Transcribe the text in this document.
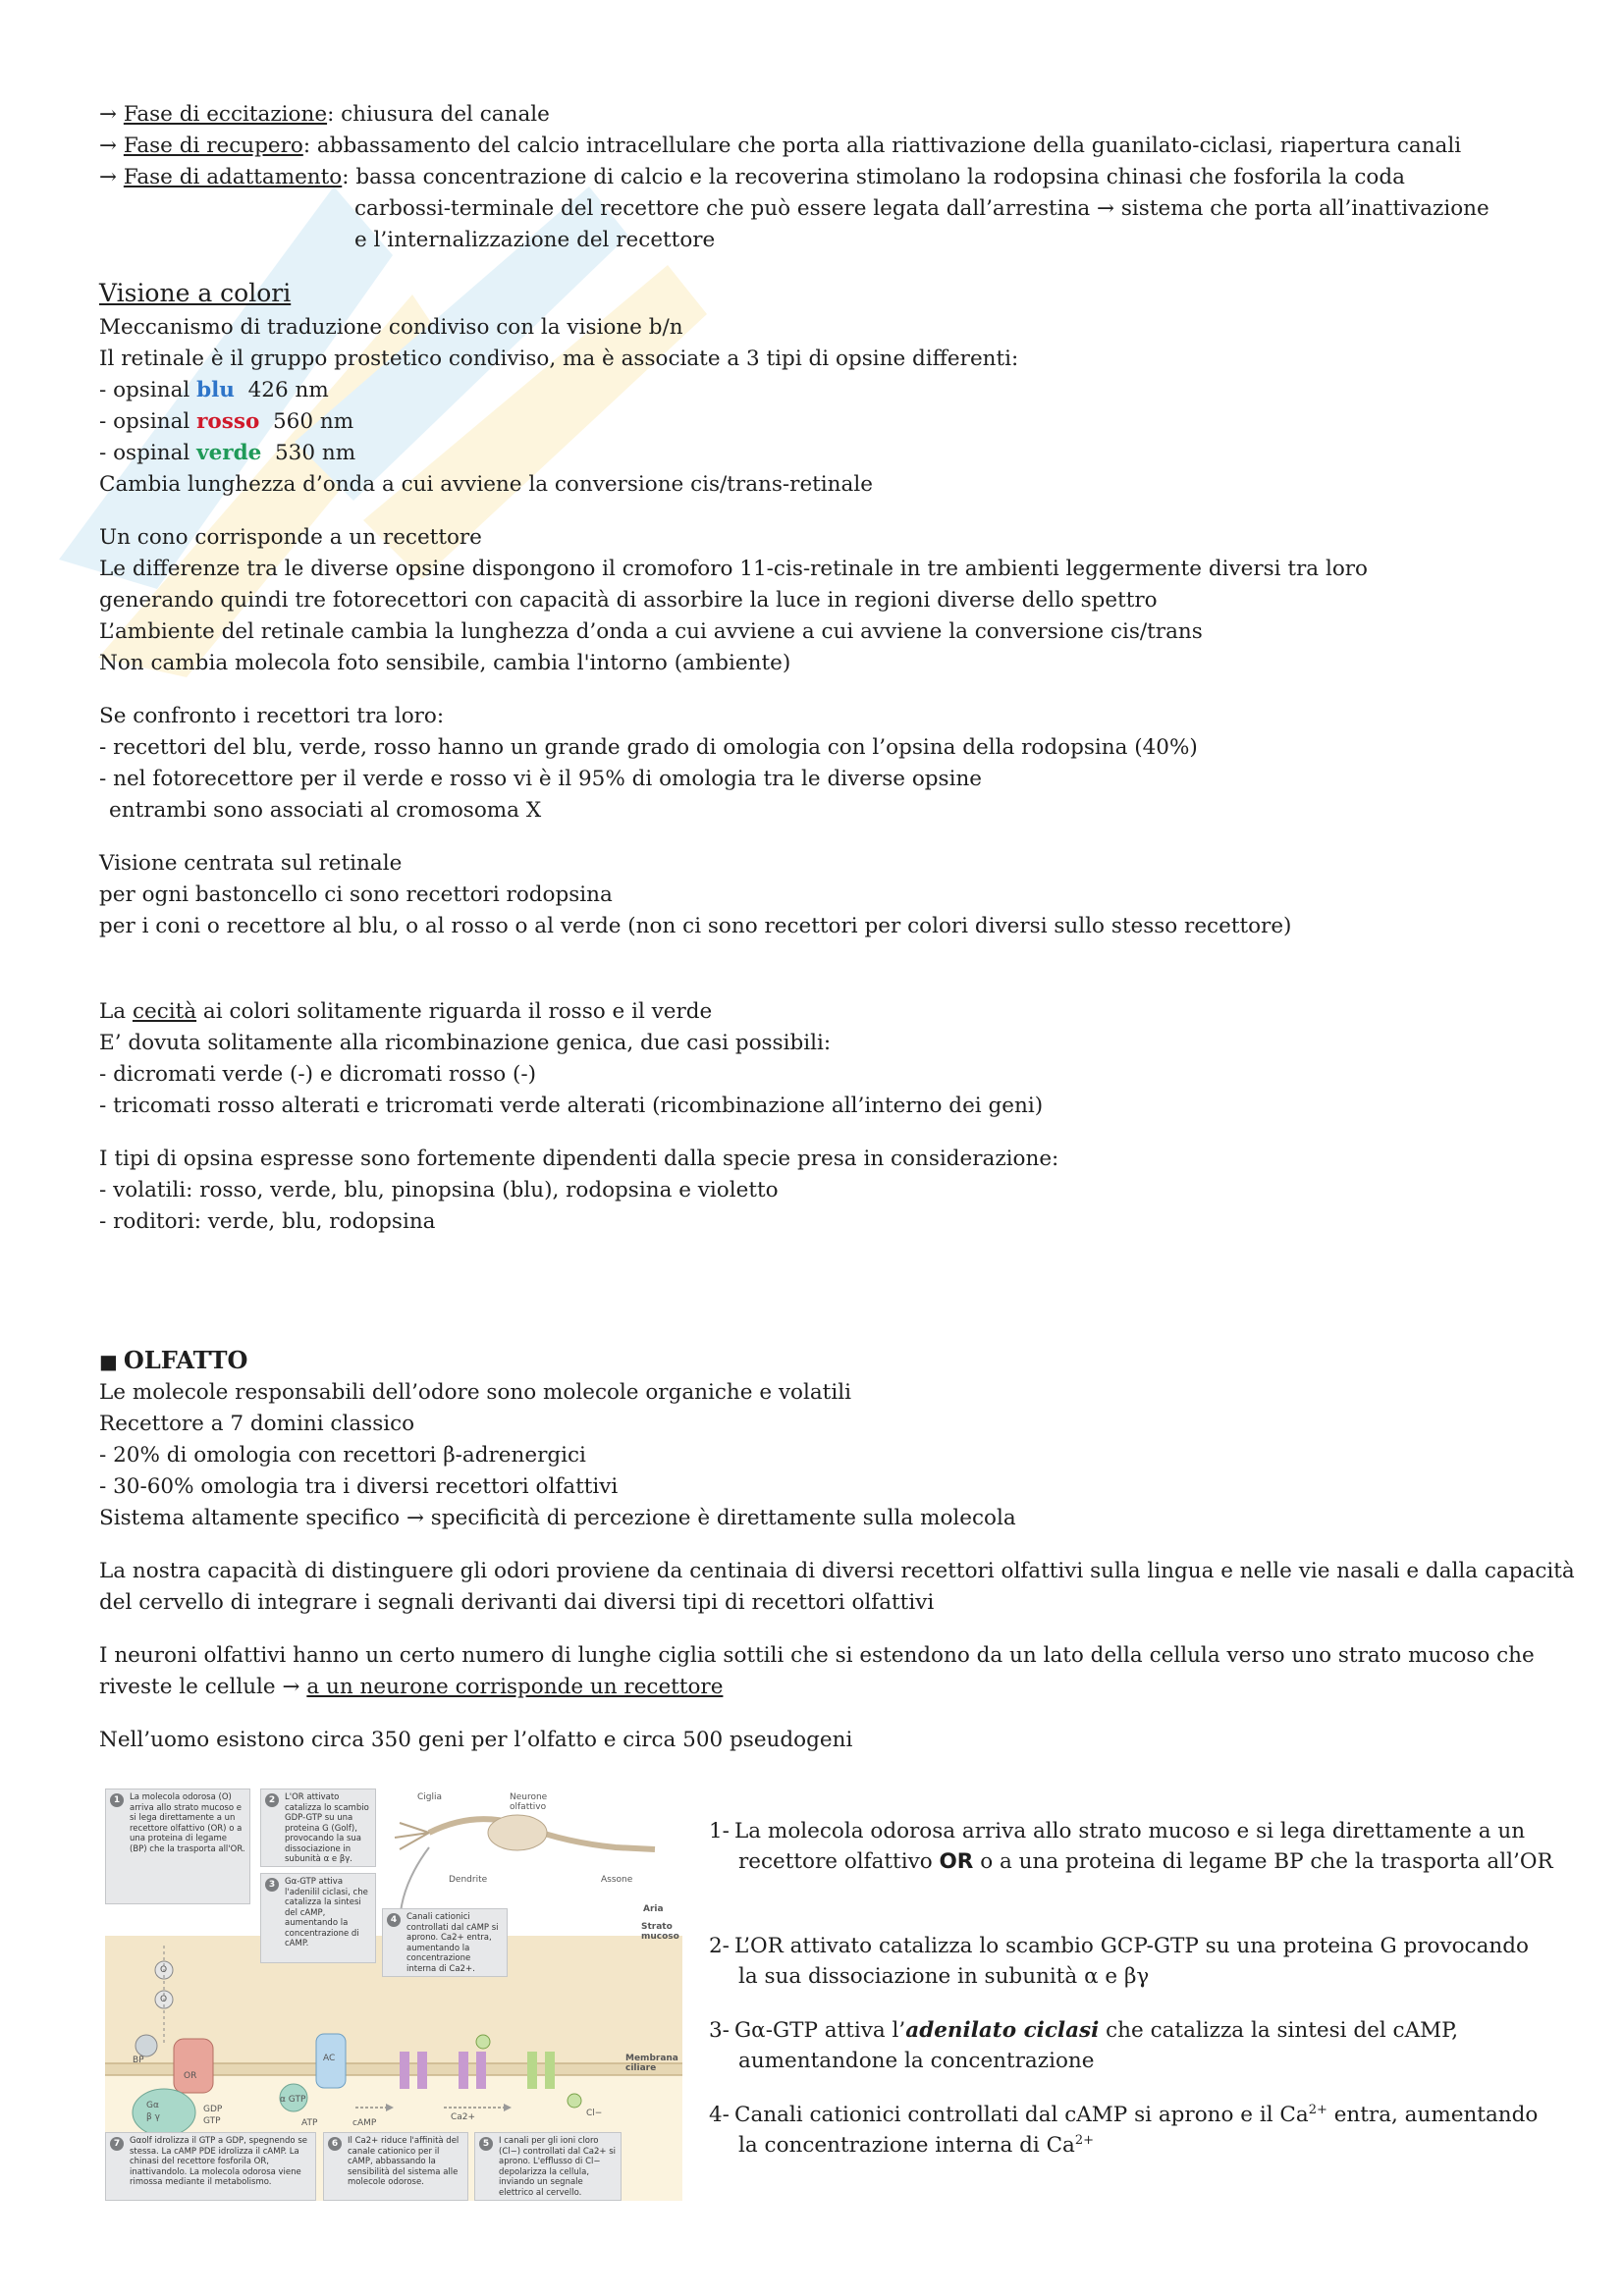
→ Fase di eccitazione: chiusura del canale
→ Fase di recupero: abbassamento del calcio intracellulare che porta alla riattivazione della guanilato-ciclasi, riapertura canali
→ Fase di adattamento: bassa concentrazione di calcio e la recoverina stimolano la rodopsina chinasi che fosforila la coda
carbossi-terminale del recettore che può essere legata dall’arrestina → sistema che porta all’inattivazione
e l’internalizzazione del recettore
Visione a colori
Meccanismo di traduzione condiviso con la visione b/n
Il retinale è il gruppo prostetico condiviso, ma è associate a 3 tipi di opsine differenti:
- opsinal blu  426 nm
- opsinal rosso  560 nm
- ospinal verde  530 nm
Cambia lunghezza d’onda a cui avviene la conversione cis/trans-retinale
Un cono corrisponde a un recettore
Le differenze tra le diverse opsine dispongono il cromoforo 11-cis-retinale in tre ambienti leggermente diversi tra loro
generando quindi tre fotorecettori con capacità di assorbire la luce in regioni diverse dello spettro
L’ambiente del retinale cambia la lunghezza d’onda a cui avviene a cui avviene la conversione cis/trans
Non cambia molecola foto sensibile, cambia l'intorno (ambiente)
Se confronto i recettori tra loro:
- recettori del blu, verde, rosso hanno un grande grado di omologia con l’opsina della rodopsina (40%)
- nel fotorecettore per il verde e rosso vi è il 95% di omologia tra le diverse opsine
entrambi sono associati al cromosoma X
Visione centrata sul retinale
per ogni bastoncello ci sono recettori rodopsina
per i coni o recettore al blu, o al rosso o al verde (non ci sono recettori per colori diversi sullo stesso recettore)
La cecità ai colori solitamente riguarda il rosso e il verde
E’ dovuta solitamente alla ricombinazione genica, due casi possibili:
- dicromati verde (-) e dicromati rosso (-)
- tricomati rosso alterati e tricromati verde alterati (ricombinazione all’interno dei geni)
I tipi di opsina espresse sono fortemente dipendenti dalla specie presa in considerazione:
- volatili: rosso, verde, blu, pinopsina (blu), rodopsina e violetto
- roditori: verde, blu, rodopsina
■ OLFATTO
Le molecole responsabili dell’odore sono molecole organiche e volatili
Recettore a 7 domini classico
- 20% di omologia con recettori β-adrenergici
- 30-60% omologia tra i diversi recettori olfattivi
Sistema altamente specifico → specificità di percezione è direttamente sulla molecola
La nostra capacità di distinguere gli odori proviene da centinaia di diversi recettori olfattivi sulla lingua e nelle vie nasali e dalla capacità
del cervello di integrare i segnali derivanti dai diversi tipi di recettori olfattivi
I neuroni olfattivi hanno un certo numero di lunghe ciglia sottili che si estendono da un lato della cellula verso uno strato mucoso che
riveste le cellule → a un neurone corrisponde un recettore
Nell’uomo esistono circa 350 geni per l’olfatto e circa 500 pseudogeni
1- La molecola odorosa arriva allo strato mucoso e si lega direttamente a un recettore olfattivo OR o a una proteina di legame BP che la trasporta all’OR
2- L’OR attivato catalizza lo scambio GCP-GTP su una proteina G provocando la sua dissociazione in subunità α e βγ
3- Gα-GTP attiva l’adenilato ciclasi che catalizza la sintesi del cAMP, aumentandone la concentrazione
4- Canali cationici controllati dal cAMP si aprono e il $Ca^{2+}$ entra, aumentando la concentrazione interna di $Ca^{2+}$
1	La molecola odorosa (O) arriva allo strato mucoso e si lega direttamente a un recettore olfattivo (OR) o a una proteina di legame (BP) che la trasporta all'OR.
2	L'OR attivato catalizza lo scambio GDP-GTP su una proteina G (Golf), provocando la sua dissociazione in subunità α e βγ.
3	Gα-GTP attiva l'adenilil ciclasi, che catalizza la sintesi del cAMP, aumentando la concentrazione di cAMP.
4	Canali cationici controllati dal cAMP si aprono. Ca2+ entra, aumentando la concentrazione interna di Ca2+.
7	Gαolf idrolizza il GTP a GDP, spegnendo se stessa. La cAMP PDE idrolizza il cAMP. La chinasi del recettore fosforila OR, inattivandolo. La molecola odorosa viene rimossa mediante il metabolismo.
6	Il Ca2+ riduce l'affinità del canale cationico per il cAMP, abbassando la sensibilità del sistema alle molecole odorose.
5	I canali per gli ioni cloro (Cl−) controllati dal Ca2+ si aprono. L'efflusso di Cl− depolarizza la cellula, inviando un segnale elettrico al cervello.
Ciglia	Neurone olfattivo
Dendrite	Assone
Aria
Strato mucoso
Membrana ciliare
O
O
BP
OR
AC
α GTP
ATP	cAMP
Gα
β γ
GDP
GTP	Ca2+	Cl−
